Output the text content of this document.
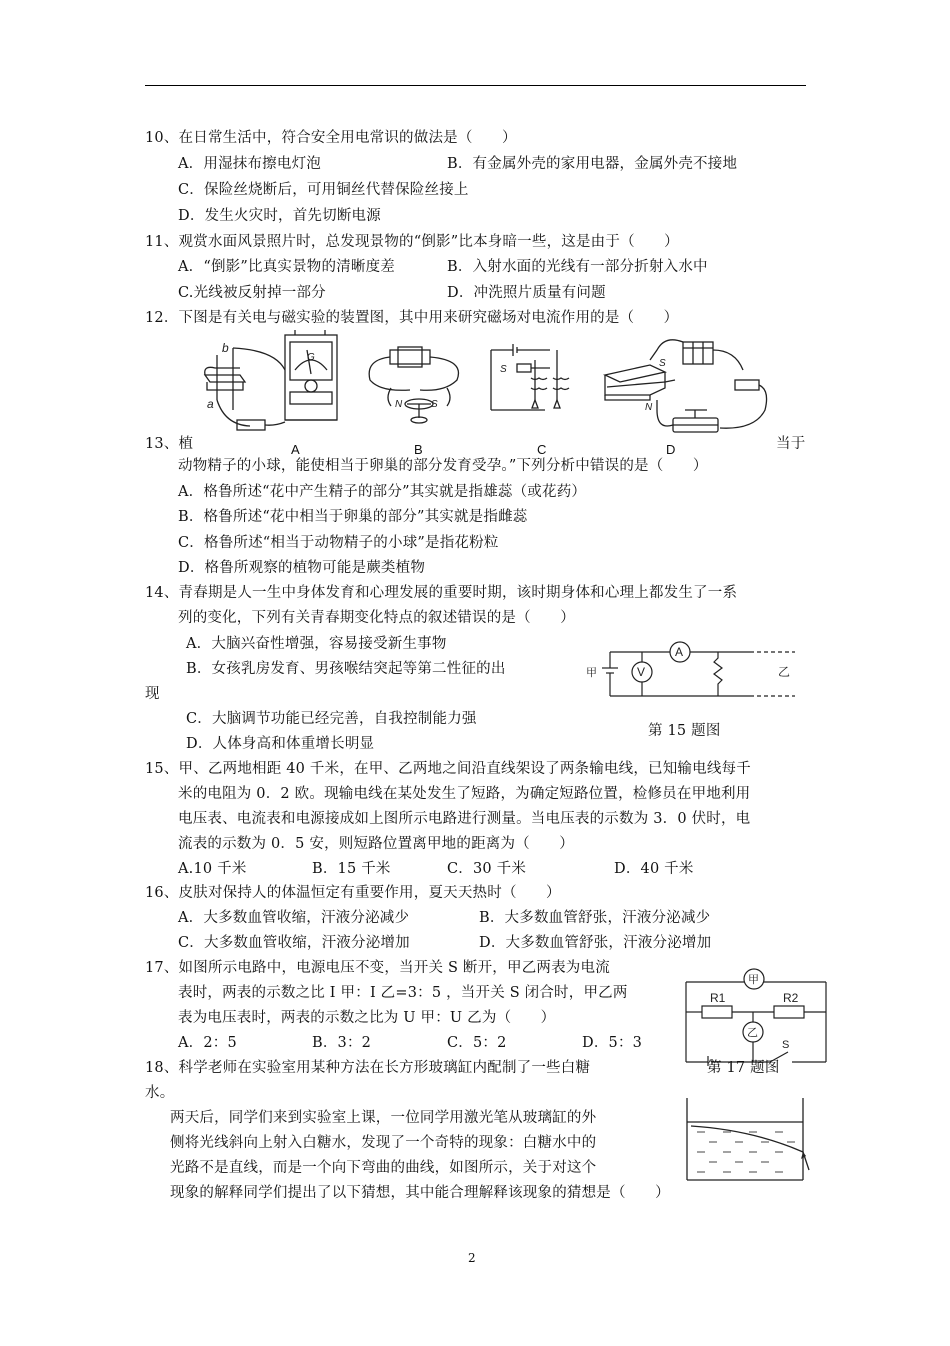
10、在日常生活中，符合安全用电常识的做法是（　　）
A．用湿抹布擦电灯泡	B．有金属外壳的家用电器，金属外壳不接地
C．保险丝烧断后，可用铜丝代替保险丝接上
D．发生火灾时，首先切断电源
11、观赏水面风景照片时，总发现景物的“倒影”比本身暗一些，这是由于（　　）
A．“倒影”比真实景物的清晰度差	B．入射水面的光线有一部分折射入水中
C.光线被反射掉一部分	D．冲洗照片质量有问题
12．下图是有关电与磁实验的装置图，其中用来研究磁场对电流作用的是（　　）
b
a
G
N	S
S
S
N
13、植	当于
A	B	C	D
动物精子的小球，能使相当于卵巢的部分发育受孕。”下列分析中错误的是（　　）
A．格鲁所述“花中产生精子的部分”其实就是指雄蕊（或花药）
B．格鲁所述“花中相当于卵巢的部分”其实就是指雌蕊
C．格鲁所述“相当于动物精子的小球”是指花粉粒
D．格鲁所观察的植物可能是蕨类植物
14、青春期是人一生中身体发育和心理发展的重要时期，该时期身体和心理上都发生了一系
列的变化，下列有关青春期变化特点的叙述错误的是（　　）
A．大脑兴奋性增强，容易接受新生事物
B．女孩乳房发育、男孩喉结突起等第二性征的出
现
C．大脑调节功能已经完善，自我控制能力强
D．人体身高和体重增长明显
A
V
甲	乙
第 15 题图
15、甲、乙两地相距 40 千米，在甲、乙两地之间沿直线架设了两条输电线，已知输电线每千
米的电阻为 0．2 欧。现输电线在某处发生了短路，为确定短路位置，检修员在甲地利用
电压表、电流表和电源接成如上图所示电路进行测量。当电压表的示数为 3．0 伏时，电
流表的示数为 0．5 安，则短路位置离甲地的距离为（　　）
A.10 千米	B．15 千米	C．30 千米	D．40 千米
16、皮肤对保持人的体温恒定有重要作用，夏天天热时（　　）
A．大多数血管收缩，汗液分泌减少	B．大多数血管舒张，汗液分泌减少
C．大多数血管收缩，汗液分泌增加	D．大多数血管舒张，汗液分泌增加
17、如图所示电路中，电源电压不变，当开关 S 断开，甲乙两表为电流
表时，两表的示数之比 I 甲：I 乙=3：5 ，当开关 S 闭合时，甲乙两
表为电压表时，两表的示数之比为 U 甲：U 乙为（　　）
A．2：5	B．3：2	C．5：2	D．5：3
甲
乙
R1	R2
S
第 17 题图
18、科学老师在实验室用某种方法在长方形玻璃缸内配制了一些白糖
水。
两天后，同学们来到实验室上课，一位同学用激光笔从玻璃缸的外
侧将光线斜向上射入白糖水，发现了一个奇特的现象：白糖水中的
光路不是直线，而是一个向下弯曲的曲线，如图所示，关于对这个
现象的解释同学们提出了以下猜想，其中能合理解释该现象的猜想是（　　）
2
